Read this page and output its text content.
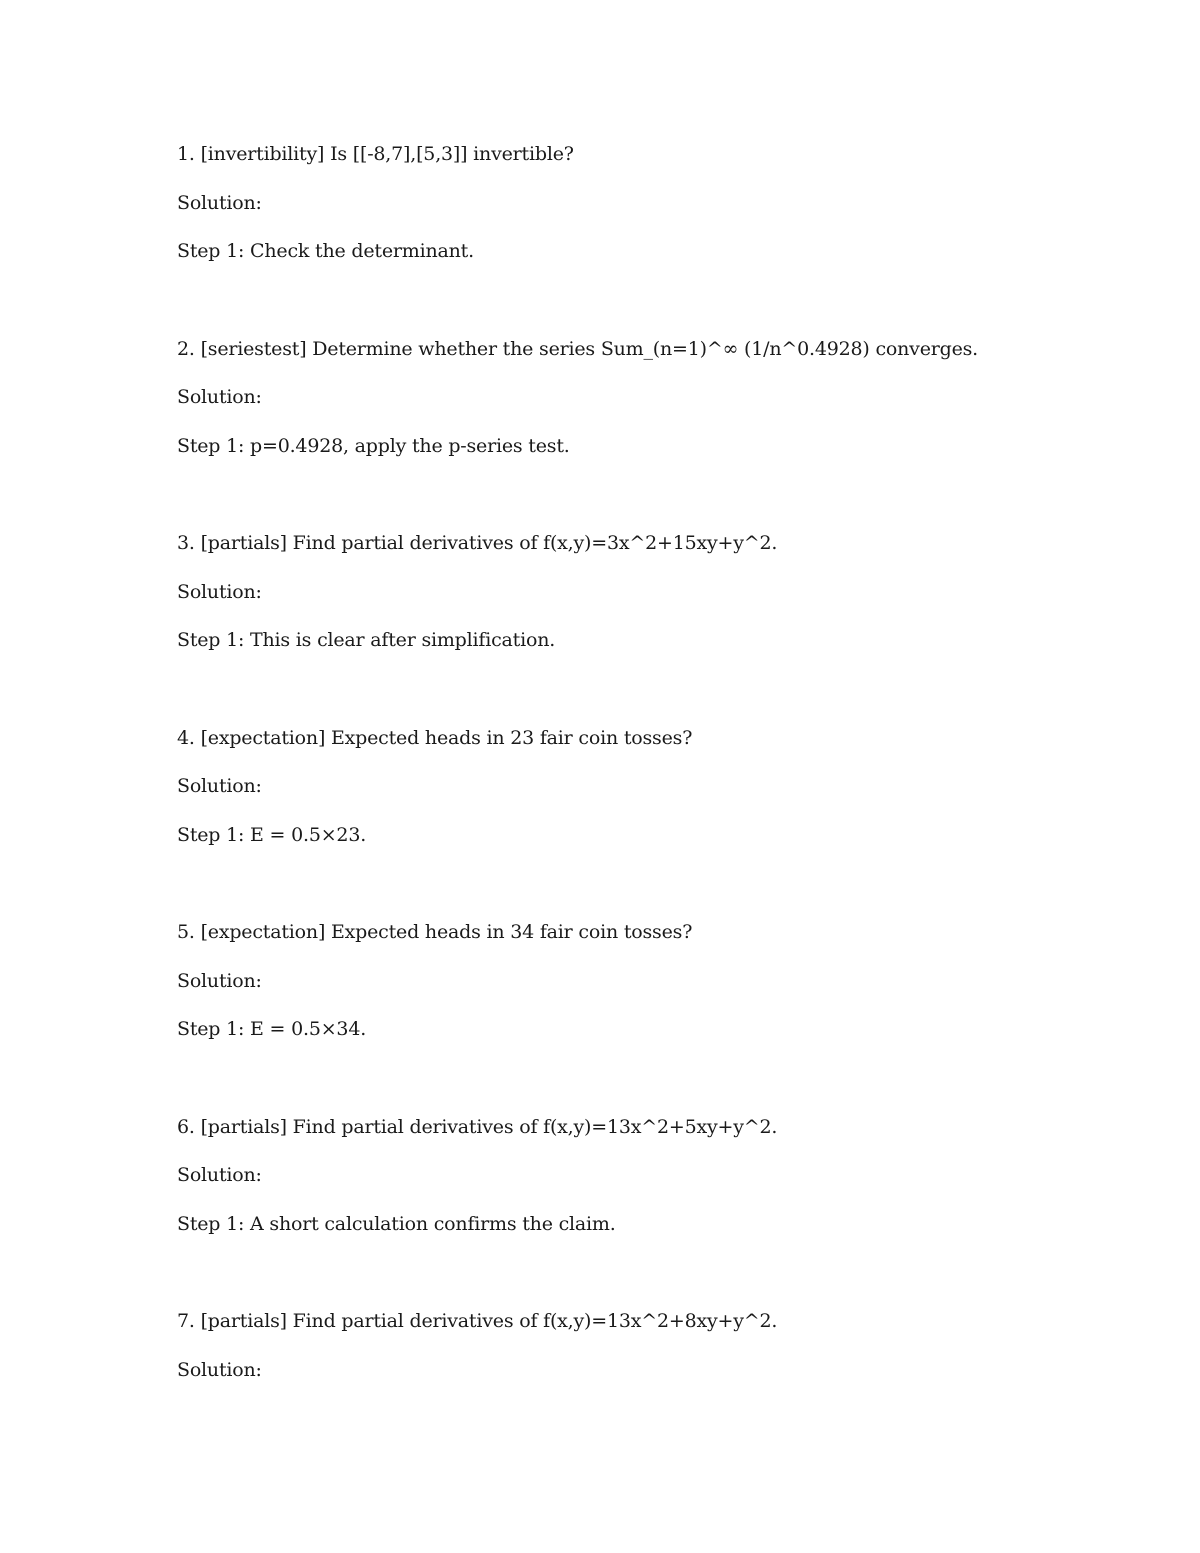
1. [invertibility] Is [[-8,7],[5,3]] invertible?
Solution:
Step 1: Check the determinant.
2. [seriestest] Determine whether the series Sum_(n=1)^∞ (1/n^0.4928) converges.
Solution:
Step 1: p=0.4928, apply the p-series test.
3. [partials] Find partial derivatives of f(x,y)=3x^2+15xy+y^2.
Solution:
Step 1: This is clear after simplification.
4. [expectation] Expected heads in 23 fair coin tosses?
Solution:
Step 1: E = 0.5×23.
5. [expectation] Expected heads in 34 fair coin tosses?
Solution:
Step 1: E = 0.5×34.
6. [partials] Find partial derivatives of f(x,y)=13x^2+5xy+y^2.
Solution:
Step 1: A short calculation confirms the claim.
7. [partials] Find partial derivatives of f(x,y)=13x^2+8xy+y^2.
Solution:
